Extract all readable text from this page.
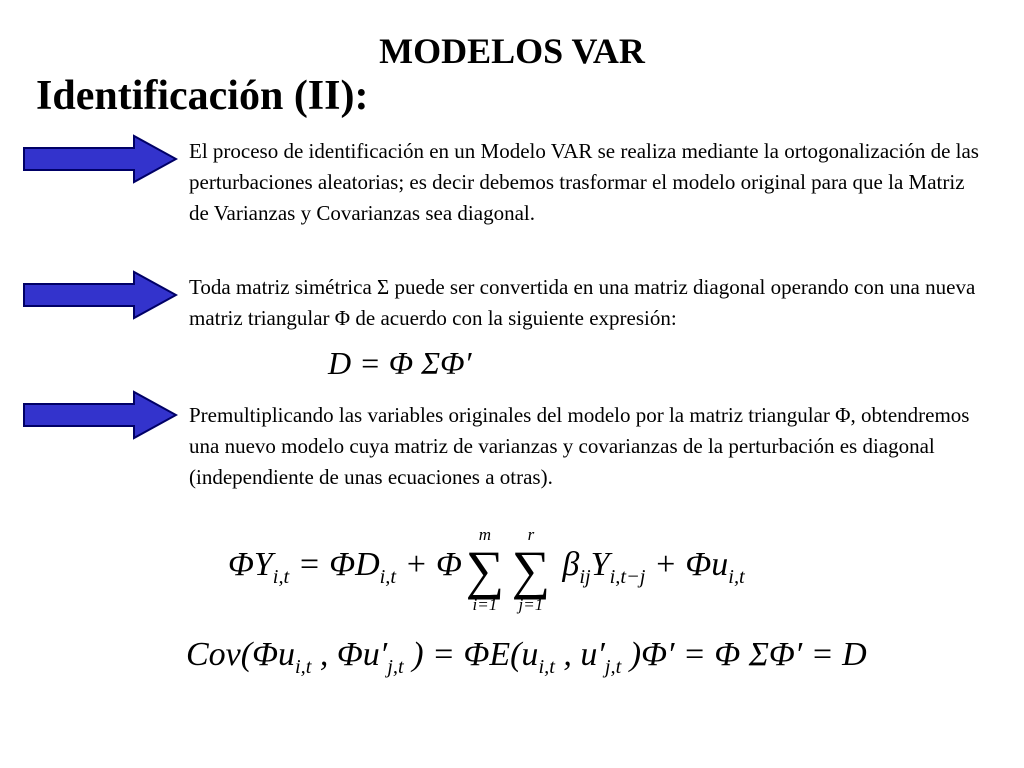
MODELOS VAR
Identificación (II):

El proceso de identificación en un Modelo VAR se realiza mediante la ortogonalización de las perturbaciones aleatorias; es decir debemos trasformar el modelo original para que la Matriz de Varianzas y Covarianzas sea diagonal.

Toda matriz simétrica Σ puede ser convertida en una matriz diagonal operando con una nueva matriz triangular Φ de acuerdo con la siguiente expresión:

Premultiplicando las variables originales del modelo por la matriz triangular Φ, obtendremos una nuevo modelo cuya matriz de varianzas y covarianzas de la perturbación es diagonal (independiente de unas ecuaciones a otras).

D = Φ ΣΦ′
$\Phi Y_{i,t} = \Phi D_{i,t} + \Phi$
m
∑
i=1
r
∑
j=1
$\beta_{ij}Y_{i,t-j} + \Phi u_{i,t}$
$Cov(\Phi u_{i,t}$ , $\Phi u'_{j,t}$ ) = $\Phi E(u_{i,t}$ , $u'_{j,t}$ )Φ′ = Φ ΣΦ′ = D
